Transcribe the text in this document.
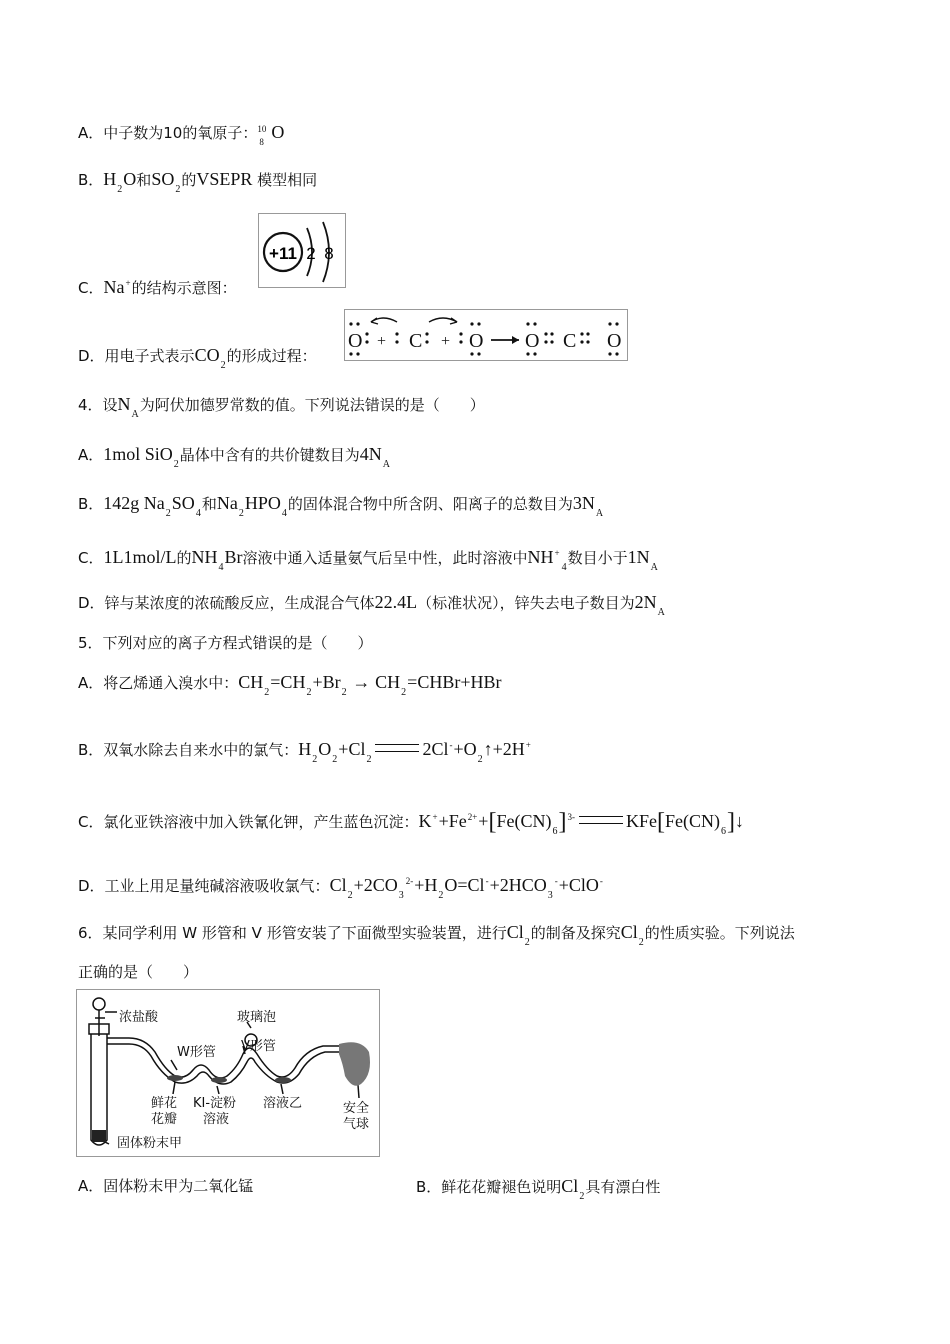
A．中子数为10的氧原子： 10
8 O
B．$H_2O$和$SO_2$的VSEPR 模型相同
C．Na+的结构示意图：
+11 2 8
D．用电子式表示$CO_2$的形成过程：
O + C + O O C O
4．设$N_A$为阿伏加德罗常数的值。下列说法错误的是（　　）
A．1mol SiO$_2$晶体中含有的共价键数目为$4N_A$
B．142g $Na_2SO_4$和$Na_2HPO_4$的固体混合物中所含阴、阳离子的总数目为$3N_A$
C．1L1mol/L的$NH_4Br$溶液中通入适量氨气后呈中性，此时溶液中$NH^+_4$数目小于$1N_A$
D．锌与某浓度的浓硫酸反应，生成混合气体22.4L（标准状况），锌失去电子数目为$2N_A$
5．下列对应的离子方程式错误的是（　　）
A．将乙烯通入溴水中：$CH_2=CH_2+Br_2$ → $CH_2=CHBr+HBr$
B．双氧水除去自来水中的氯气：$H_2O_2+Cl_22Cl^-+O_2↑+2H^+$
C．氯化亚铁溶液中加入铁氰化钾，产生蓝色沉淀：$K^++Fe^{2+}+[Fe(CN)_6]^{3-}$	$KFe[Fe(CN)_6]↓$
D．工业上用足量纯碱溶液吸收氯气：$Cl_2+2CO_3^{2-}+H_2O=Cl^-+2HCO_3^-+ClO^-$
6．某同学利用 W 形管和 V 形管安装了下面微型实验装置，进行$Cl_2$的制备及探究$Cl_2$的性质实验。下列说法
正确的是（　　）
浓盐酸	玻璃泡
W形管 V形管
鲜花
花瓣
KI-淀粉
溶液
溶液乙	安全
气球
固体粉末甲
A．固体粉末甲为二氧化锰	B．鲜花花瓣褪色说明$Cl_2$具有漂白性
